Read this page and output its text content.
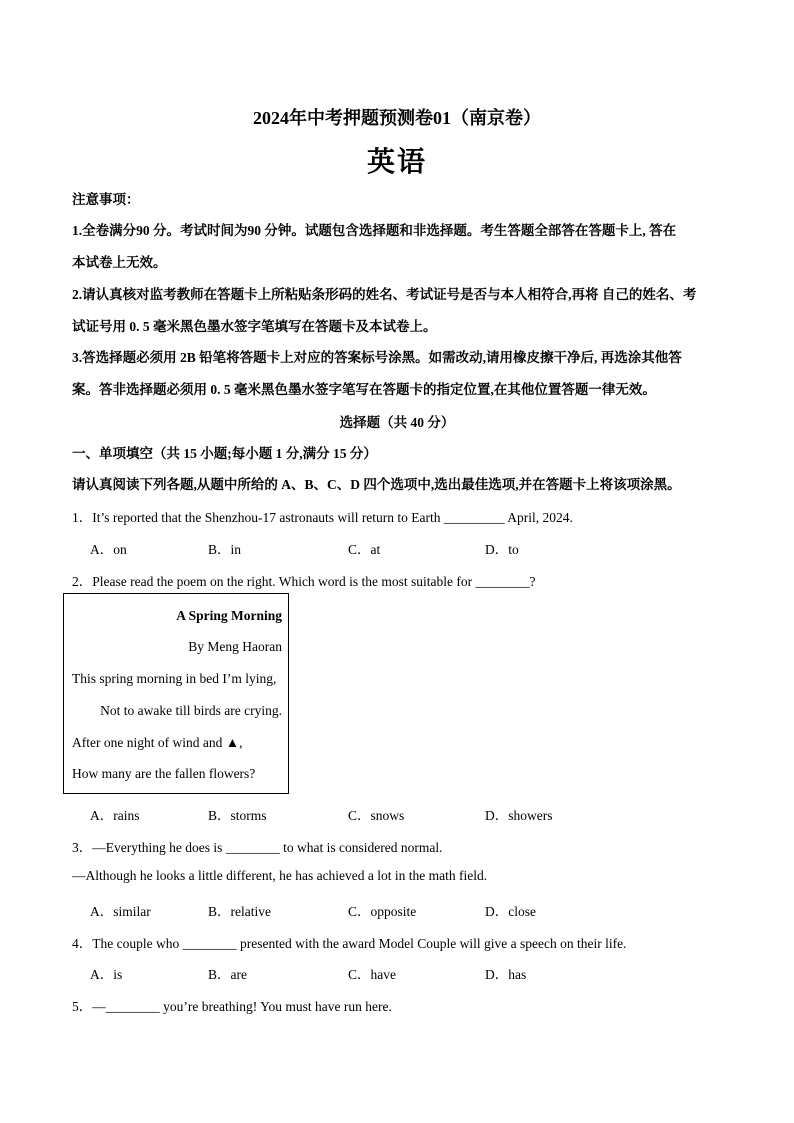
2024年中考押题预测卷01（南京卷）
英语
注意事项：
1.全卷满分90 分。考试时间为90 分钟。试题包含选择题和非选择题。考生答题全部答在答题卡上, 答在
本试卷上无效。
2.请认真核对监考教师在答题卡上所粘贴条形码的姓名、考试证号是否与本人相符合,再将 自己的姓名、考
试证号用 0. 5 毫米黑色墨水签字笔填写在答题卡及本试卷上。
3.答选择题必须用 2B 铅笔将答题卡上对应的答案标号涂黑。如需改动,请用橡皮擦干净后, 再选涂其他答
案。答非选择题必须用 0. 5 毫米黑色墨水签字笔写在答题卡的指定位置,在其他位置答题一律无效。
选择题（共 40 分）
一、单项填空（共 15 小题;每小题 1 分,满分 15 分）
请认真阅读下列各题,从题中所给的 A、B、C、D 四个选项中,选出最佳选项,并在答题卡上将该项涂黑。
1．It’s reported that the Shenzhou-17 astronauts will return to Earth _________ April, 2024.
A．on	B．in	C．at	D．to
2．Please read the poem on the right. Which word is the most suitable for ________?
A Spring Morning
By Meng Haoran
This spring morning in bed I’m lying,
Not to awake till birds are crying.
After one night of wind and ▲,
How many are the fallen flowers?
A．rains	B．storms	C．snows	D．showers
3．—Everything he does is ________ to what is considered normal.
—Although he looks a little different, he has achieved a lot in the math field.
A．similar	B．relative	C．opposite	D．close
4．The couple who ________ presented with the award Model Couple will give a speech on their life.
A．is	B．are	C．have	D．has
5．—________ you’re breathing! You must have run here.
